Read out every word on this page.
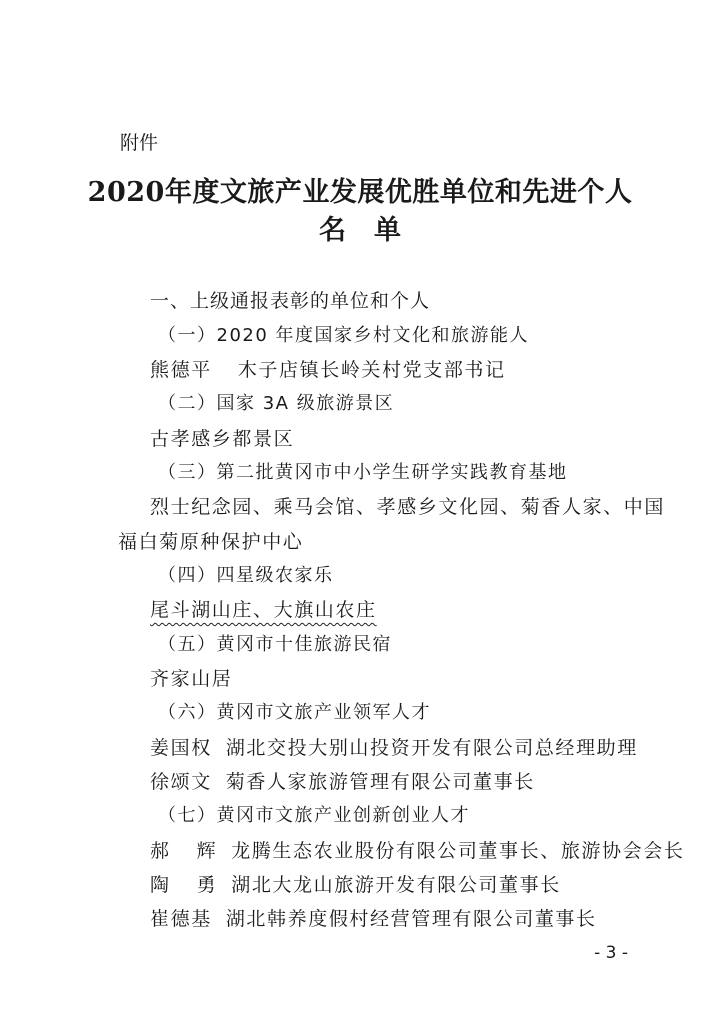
附件
2020年度文旅产业发展优胜单位和先进个人
名单
一、上级通报表彰的单位和个人
（一）2020 年度国家乡村文化和旅游能人
熊德平 木子店镇长岭关村党支部书记
（二）国家 3A 级旅游景区
古孝感乡都景区
（三）第二批黄冈市中小学生研学实践教育基地
烈士纪念园、乘马会馆、孝感乡文化园、菊香人家、中国
福白菊原种保护中心
（四）四星级农家乐
尾斗湖山庄、大旗山农庄
（五）黄冈市十佳旅游民宿
齐家山居
（六）黄冈市文旅产业领军人才
姜国权 湖北交投大别山投资开发有限公司总经理助理
徐颂文 菊香人家旅游管理有限公司董事长
（七）黄冈市文旅产业创新创业人才
郝 辉 龙腾生态农业股份有限公司董事长、旅游协会会长
陶 勇 湖北大龙山旅游开发有限公司董事长
崔德基 湖北韩养度假村经营管理有限公司董事长
- 3 -
